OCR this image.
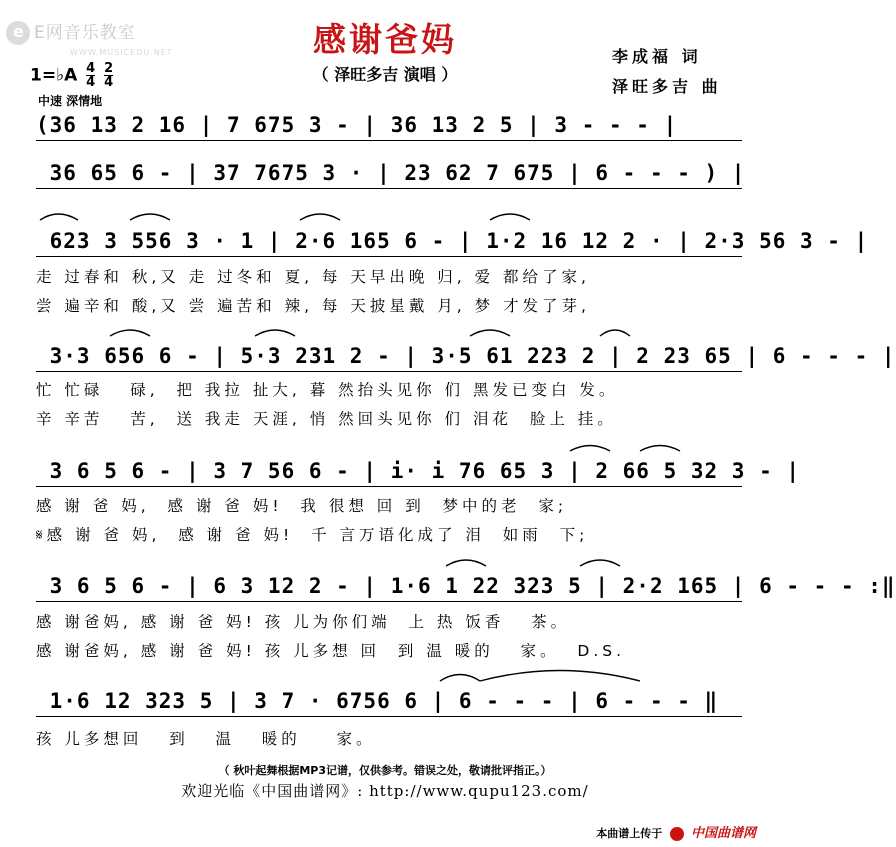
eE网音乐教室
WWW.MUSICEDU.NET	感谢爸妈
（ 泽旺多吉 演唱 ）
李成福 词
泽旺多吉 曲
1=♭A $\frac{4}{4}$
$\frac{2}{4}$
中速 深情地
(36 13 2 16 | 7 675 3 - | 36 13 2 5 | 3 - - - |
36 65 6 - | 37 7675 3 · | 23 62 7 675 | 6 - - - ) |
623 3 556 3 · 1 | 2·6 165 6 - | 1·2 16 12 2 · | 2·3 56 3 - |
走 过春和 秋,又 走 过冬和 夏, 每 天早出晚 归, 爱 都给了家,
尝 遍辛和 酸,又 尝 遍苦和 辣, 每 天披星戴 月, 梦 才发了芽,
3·3 656 6 - | 5·3 231 2 - | 3·5 61 223 2 | 2 23 65 | 6 - - - |
忙 忙碌   碌,  把 我拉 扯大, 暮 然抬头见你 们 黑发已变白 发。
辛 辛苦   苦,  送 我走 天涯, 悄 然回头见你 们 泪花  脸上 挂。
3 6 5 6 - | 3 7 56 6 - | i· i 76 65 3 | 2 66 5 32 3 - |
感 谢 爸 妈,  感 谢 爸 妈!  我 很想 回 到  梦中的老  家;
𝄋感 谢 爸 妈,  感 谢 爸 妈!  千 言万语化成了 泪  如雨  下;
3 6 5 6 - | 6 3 12 2 - | 1·6 1 22 323 5 | 2·2 165 | 6 - - - :‖
感 谢爸妈, 感 谢 爸 妈! 孩 儿为你们端  上 热 饭香   茶。
感 谢爸妈, 感 谢 爸 妈! 孩 儿多想 回  到 温 暖的   家。  D.S.
1·6 12 323 5 | 3 7 · 6756 6 | 6 - - - | 6 - - - ‖
孩 儿多想回   到   温   暖的    家。
（ 秋叶起舞根据MP3记谱，仅供参考。错误之处，敬请批评指正。）
欢迎光临《中国曲谱网》: http://www.qupu123.com/
本曲谱上传于 中国曲谱网
